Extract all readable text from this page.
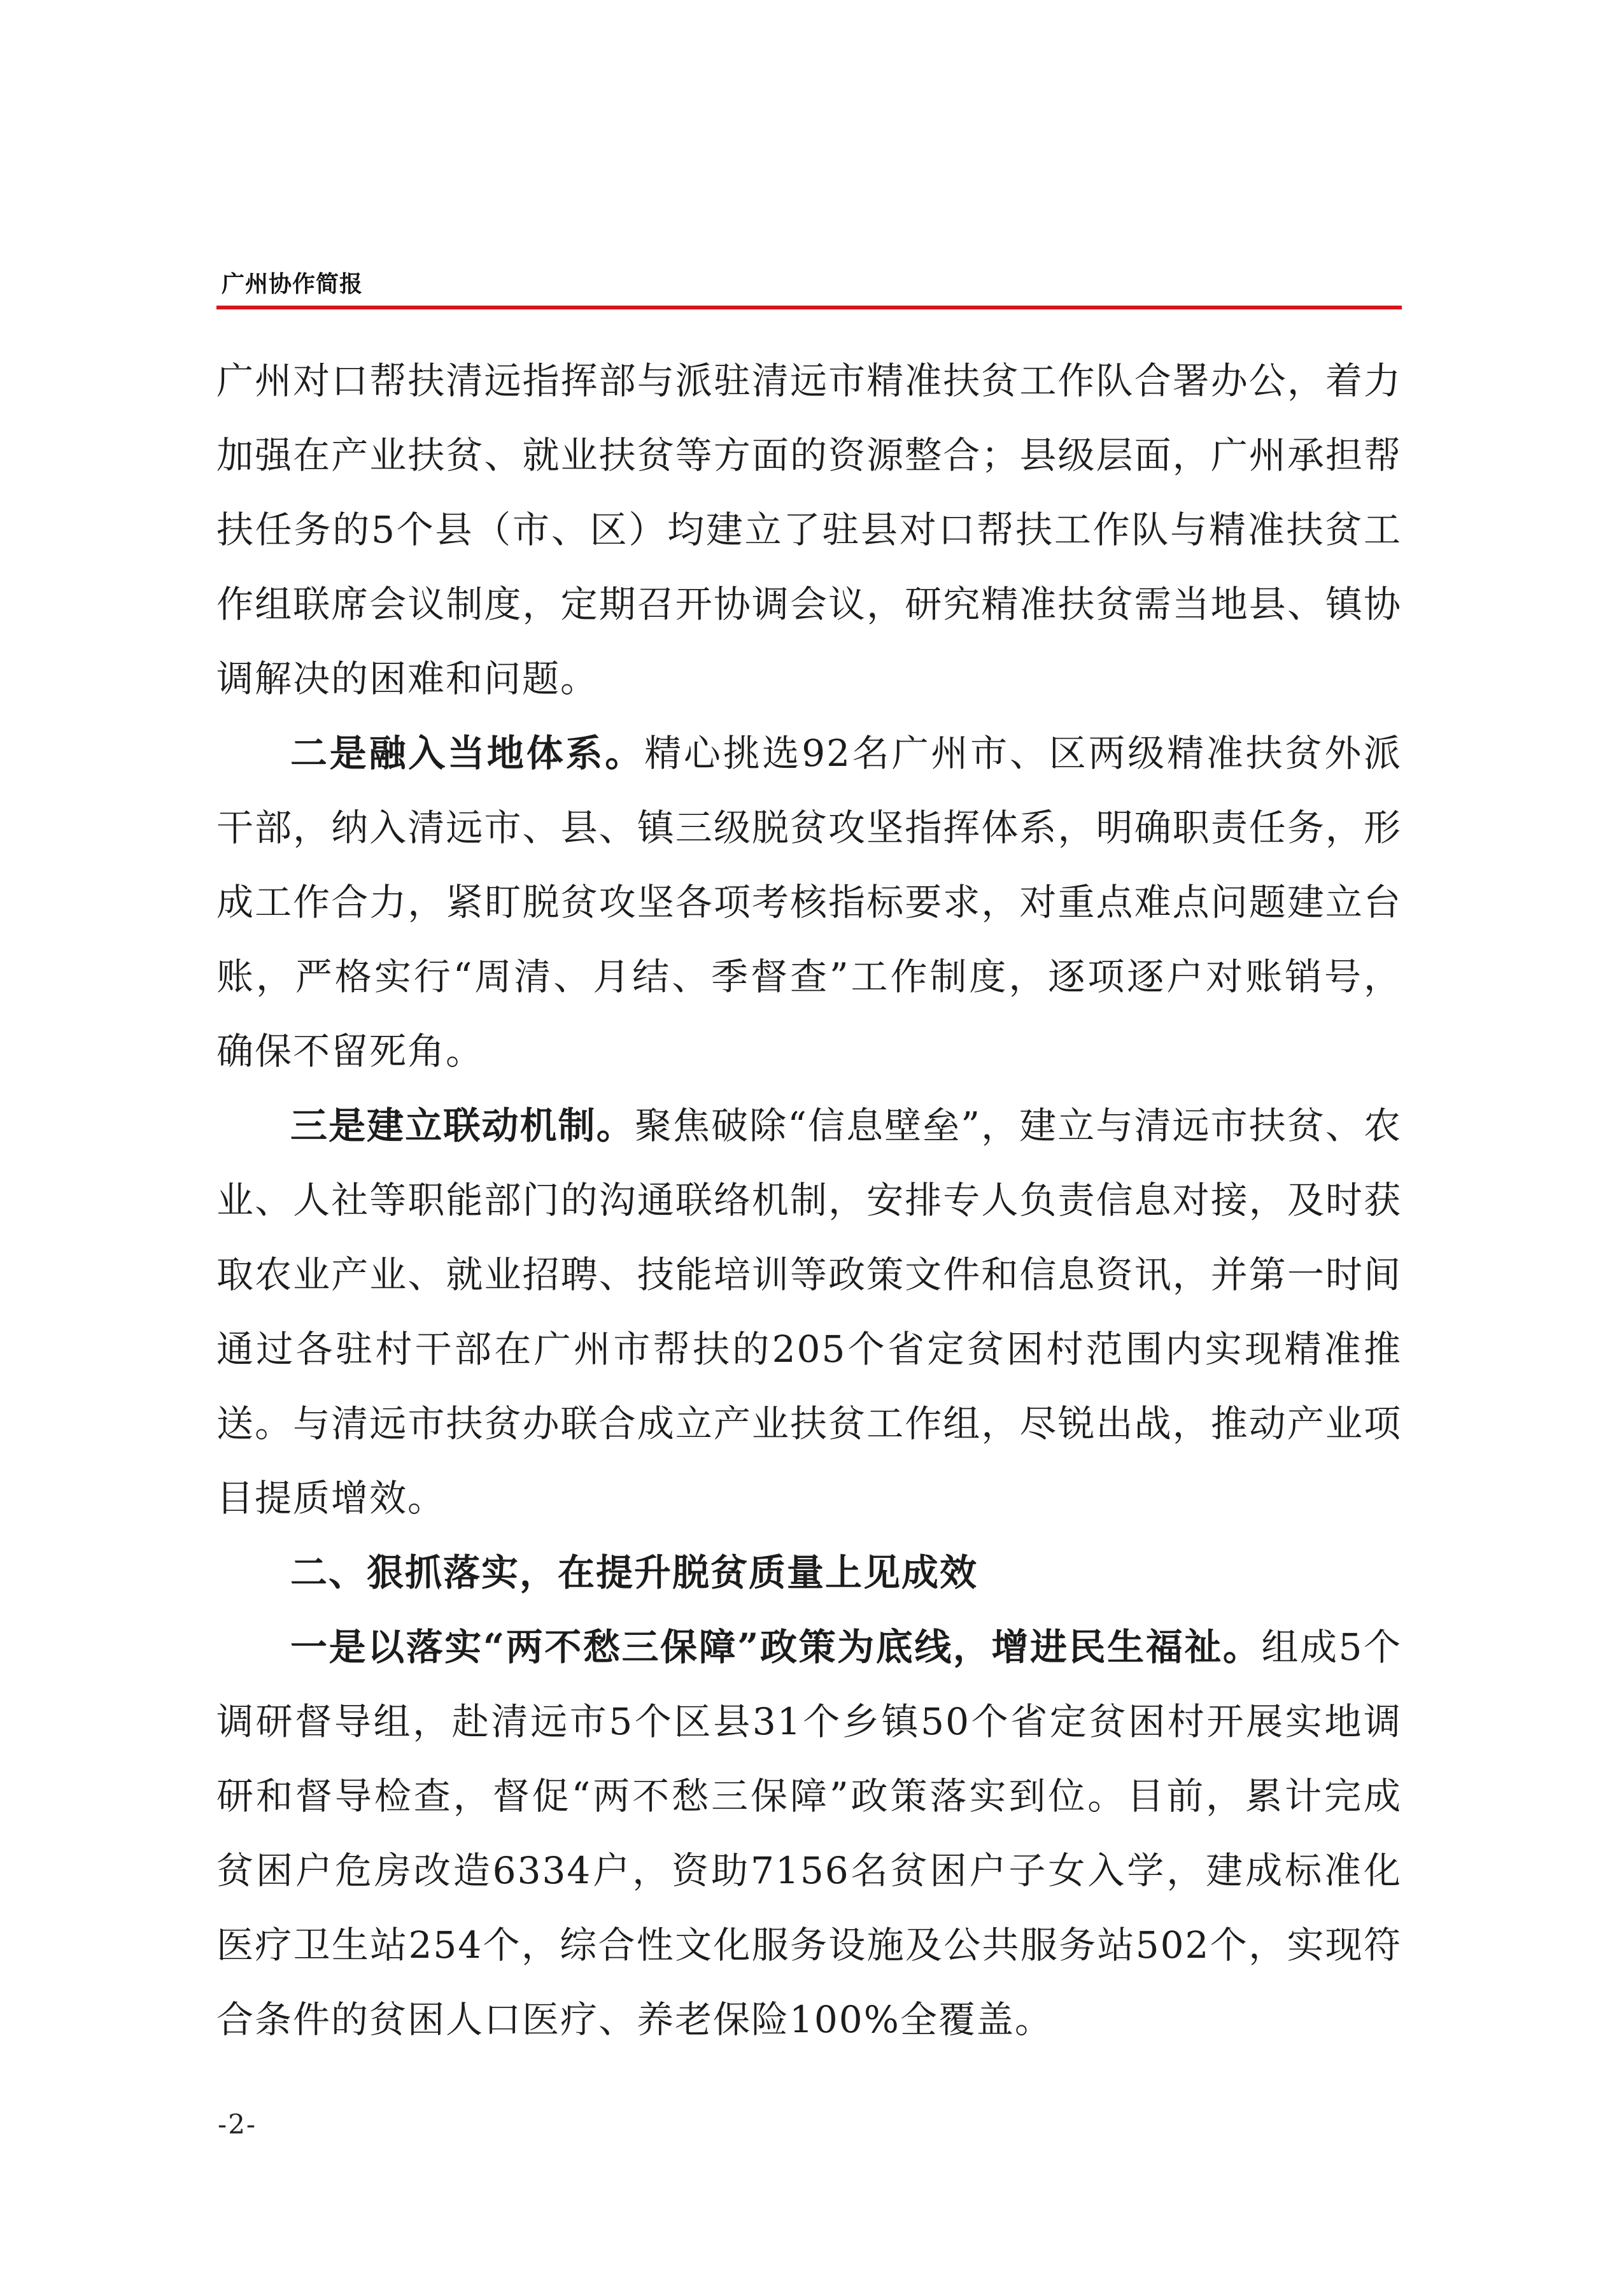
广州协作简报

广州对口帮扶清远指挥部与派驻清远市精准扶贫工作队合署办公，着力加强在产业扶贫、就业扶贫等方面的资源整合；县级层面，广州承担帮扶任务的5个县（市、区）均建立了驻县对口帮扶工作队与精准扶贫工作组联席会议制度，定期召开协调会议，研究精准扶贫需当地县、镇协调解决的困难和问题。

二是融入当地体系。精心挑选92名广州市、区两级精准扶贫外派干部，纳入清远市、县、镇三级脱贫攻坚指挥体系，明确职责任务，形成工作合力，紧盯脱贫攻坚各项考核指标要求，对重点难点问题建立台账，严格实行“周清、月结、季督查”工作制度，逐项逐户对账销号，确保不留死角。

三是建立联动机制。聚焦破除“信息壁垒”，建立与清远市扶贫、农业、人社等职能部门的沟通联络机制，安排专人负责信息对接，及时获取农业产业、就业招聘、技能培训等政策文件和信息资讯，并第一时间通过各驻村干部在广州市帮扶的205个省定贫困村范围内实现精准推送。与清远市扶贫办联合成立产业扶贫工作组，尽锐出战，推动产业项目提质增效。

二、狠抓落实，在提升脱贫质量上见成效

一是以落实“两不愁三保障”政策为底线，增进民生福祉。组成5个调研督导组，赴清远市5个区县31个乡镇50个省定贫困村开展实地调研和督导检查，督促“两不愁三保障”政策落实到位。目前，累计完成贫困户危房改造6334户，资助7156名贫困户子女入学，建成标准化医疗卫生站254个，综合性文化服务设施及公共服务站502个，实现符合条件的贫困人口医疗、养老保险100%全覆盖。

-2-
